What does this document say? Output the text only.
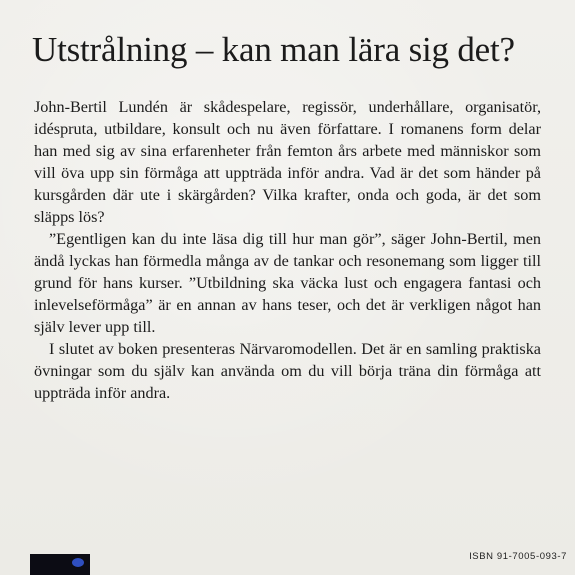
Utstrålning – kan man lära sig det?

John-Bertil Lundén är skådespelare, regissör, underhållare, organisatör, idéspruta, utbildare, konsult och nu även författare. I romanens form delar han med sig av sina erfarenheter från femton års arbete med människor som vill öva upp sin förmåga att uppträda inför andra. Vad är det som händer på kursgården där ute i skärgården? Vilka krafter, onda och goda, är det som släpps lös?

”Egentligen kan du inte läsa dig till hur man gör”, säger John-Bertil, men ändå lyckas han förmedla många av de tankar och resonemang som ligger till grund för hans kurser. ”Utbildning ska väcka lust och engagera fantasi och inlevelseförmåga” är en annan av hans teser, och det är verkligen något han själv lever upp till.

I slutet av boken presenteras Närvaromodellen. Det är en samling praktiska övningar som du själv kan använda om du vill börja träna din förmåga att uppträda inför andra.

ISBN 91-7005-093-7
